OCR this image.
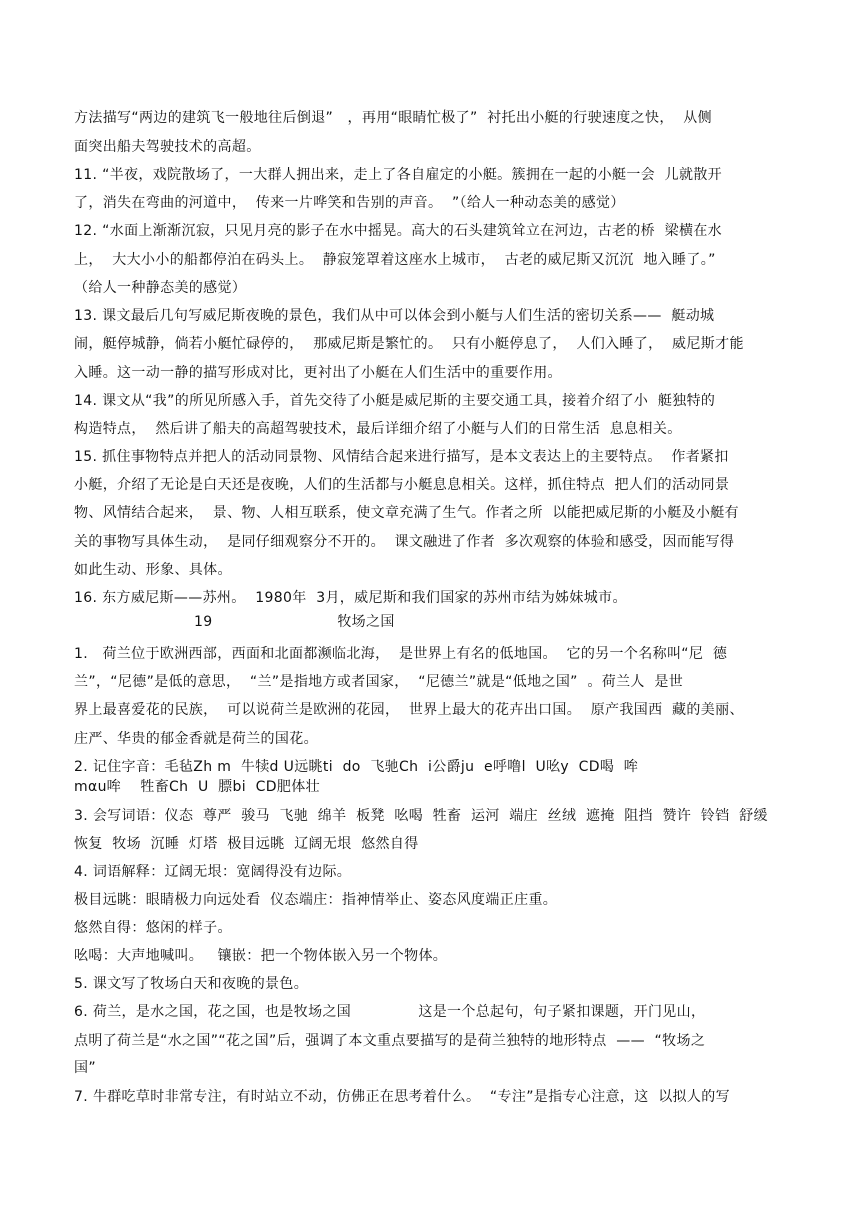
方法描写“两边的建筑飞一般地往后倒退”   ，再用“眼睛忙极了”  衬托出小艇的行驶速度之快，  从侧
面突出船夫驾驶技术的高超。
11. “半夜，戏院散场了，一大群人拥出来，走上了各自雇定的小艇。簇拥在一起的小艇一会  儿就散开
了，消失在弯曲的河道中，  传来一片哗笑和告别的声音。  ”（给人一种动态美的感觉）
12. “水面上渐渐沉寂，只见月亮的影子在水中摇晃。高大的石头建筑耸立在河边，古老的桥  梁横在水
上，  大大小小的船都停泊在码头上。  静寂笼罩着这座水上城市，  古老的威尼斯又沉沉  地入睡了。”
（给人一种静态美的感觉）
13. 课文最后几句写威尼斯夜晚的景色，我们从中可以体会到小艇与人们生活的密切关系——  艇动城
闹，艇停城静，倘若小艇忙碌停的，  那威尼斯是繁忙的。  只有小艇停息了，  人们入睡了，  威尼斯才能
入睡。这一动一静的描写形成对比，更衬出了小艇在人们生活中的重要作用。
14. 课文从“我”的所见所感入手，首先交待了小艇是威尼斯的主要交通工具，接着介绍了小  艇独特的
构造特点，  然后讲了船夫的高超驾驶技术，最后详细介绍了小艇与人们的日常生活  息息相关。
15. 抓住事物特点并把人的活动同景物、风情结合起来进行描写，是本文表达上的主要特点。  作者紧扣
小艇，介绍了无论是白天还是夜晚，人们的生活都与小艇息息相关。这样，抓住特点  把人们的活动同景
物、风情结合起来，  景、物、人相互联系，使文章充满了生气。作者之所  以能把威尼斯的小艇及小艇有
关的事物写具体生动，  是同仔细观察分不开的。  课文融进了作者  多次观察的体验和感受，因而能写得
如此生动、形象、具体。
16. 东方威尼斯——苏州。  1980年  3月，威尼斯和我们国家的苏州市结为姊妹城市。
19                          牧场之国
1.   荷兰位于欧洲西部，西面和北面都濒临北海，  是世界上有名的低地国。  它的另一个名称叫“尼  德
兰”，“尼德”是低的意思，  “兰”是指地方或者国家，  “尼德兰”就是“低地之国”  。荷兰人  是世
界上最喜爱花的民族，  可以说荷兰是欧洲的花园，  世界上最大的花卉出口国。  原产我国西  藏的美丽、
庄严、华贵的郁金香就是荷兰的国花。
2. 记住字音：毛毡Zh m  牛犊d U远眺ti  do  飞驰Ch  i公爵ju  e呼噜l  U吆y  CD喝  哞
mαu哞    牲畜Ch  U  膘bi  CD肥体壮
3. 会写词语：仪态  尊严  骏马  飞驰  绵羊  板凳  吆喝  牲畜  运河  端庄  丝绒  遮掩  阻挡  赞许  铃铛  舒缓
恢复  牧场  沉睡  灯塔  极目远眺  辽阔无垠  悠然自得
4. 词语解释：辽阔无垠：宽阔得没有边际。
极目远眺：眼睛极力向远处看  仪态端庄：指神情举止、姿态风度端正庄重。
悠然自得：悠闲的样子。
吆喝：大声地喊叫。   镶嵌：把一个物体嵌入另一个物体。
5. 课文写了牧场白天和夜晚的景色。
6. 荷兰，是水之国，花之国，也是牧场之国              这是一个总起句，句子紧扣课题，开门见山，
点明了荷兰是“水之国”“花之国”后，强调了本文重点要描写的是荷兰独特的地形特点  ——  “牧场之
国”
7. 牛群吃草时非常专注，有时站立不动，仿佛正在思考着什么。  “专注”是指专心注意，这  以拟人的写
